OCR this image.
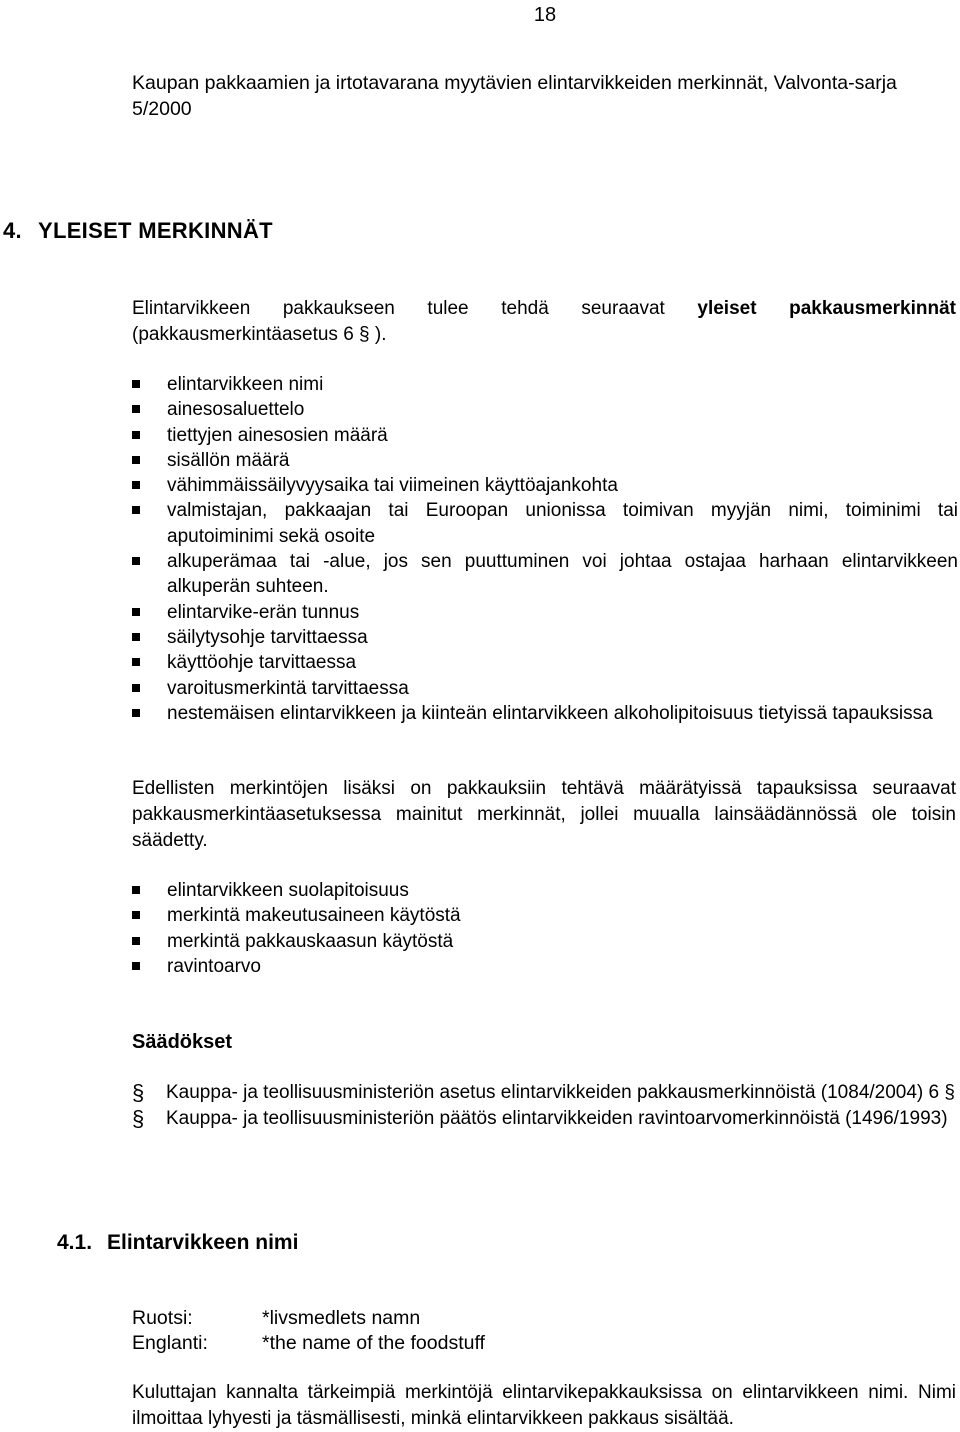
18
Kaupan pakkaamien ja irtotavarana myytävien elintarvikkeiden merkinnät, Valvonta-sarja 5/2000
4. YLEISET MERKINNÄT
Elintarvikkeen pakkaukseen tulee tehdä seuraavat yleiset pakkausmerkinnät (pakkausmerkintäasetus 6 § ).
elintarvikkeen nimi
ainesosaluettelo
tiettyjen ainesosien määrä
sisällön määrä
vähimmäissäilyvyysaika tai viimeinen käyttöajankohta
valmistajan, pakkaajan tai Euroopan unionissa toimivan myyjän nimi, toiminimi tai aputoiminimi sekä osoite
alkuperämaa tai -alue, jos sen puuttuminen voi johtaa ostajaa harhaan elintarvikkeen alkuperän suhteen.
elintarvike-erän tunnus
säilytysohje tarvittaessa
käyttöohje tarvittaessa
varoitusmerkintä tarvittaessa
nestemäisen elintarvikkeen ja kiinteän elintarvikkeen alkoholipitoisuus tietyissä tapauksissa
Edellisten merkintöjen lisäksi on pakkauksiin tehtävä määrätyissä tapauksissa seuraavat pakkausmerkintäasetuksessa mainitut merkinnät, jollei muualla lainsäädännössä ole toisin säädetty.
elintarvikkeen suolapitoisuus
merkintä makeutusaineen käytöstä
merkintä pakkauskaasun käytöstä
ravintoarvo
Säädökset
§ Kauppa- ja teollisuusministeriön asetus elintarvikkeiden pakkausmerkinnöistä (1084/2004) 6 §
§ Kauppa- ja teollisuusministeriön päätös elintarvikkeiden ravintoarvomerkinnöistä (1496/1993)
4.1. Elintarvikkeen nimi
Ruotsi:	*livsmedlets namn
Englanti:	*the name of the foodstuff
Kuluttajan kannalta tärkeimpiä merkintöjä elintarvikepakkauksissa on elintarvikkeen nimi. Nimi ilmoittaa lyhyesti ja täsmällisesti, minkä elintarvikkeen pakkaus sisältää.
